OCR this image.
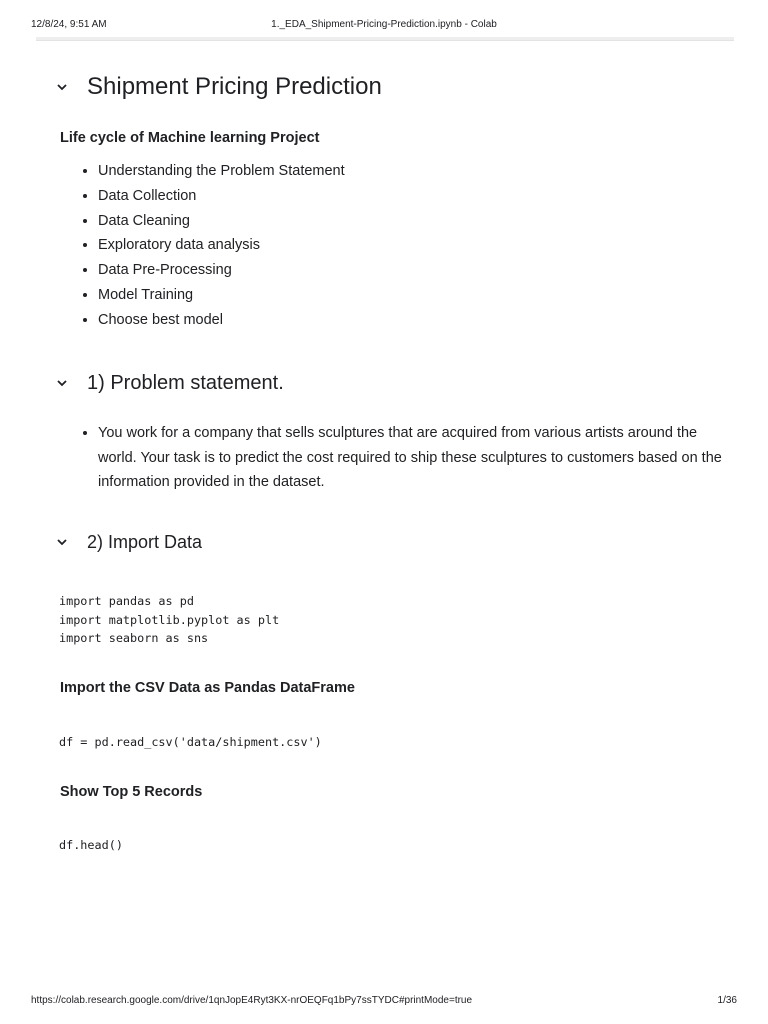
12/8/24, 9:51 AM	1._EDA_Shipment-Pricing-Prediction.ipynb - Colab
Shipment Pricing Prediction
Life cycle of Machine learning Project
• Understanding the Problem Statement
• Data Collection
• Data Cleaning
• Exploratory data analysis
• Data Pre-Processing
• Model Training
• Choose best model
1) Problem statement.
• You work for a company that sells sculptures that are acquired from various artists around the world. Your task is to predict the cost required to ship these sculptures to customers based on the information provided in the dataset.
2) Import Data
import pandas as pd
import matplotlib.pyplot as plt
import seaborn as sns
Import the CSV Data as Pandas DataFrame
df = pd.read_csv('data/shipment.csv')
Show Top 5 Records
df.head()
https://colab.research.google.com/drive/1qnJopE4Ryt3KX-nrOEQFq1bPy7ssTYDC#printMode=true	1/36
